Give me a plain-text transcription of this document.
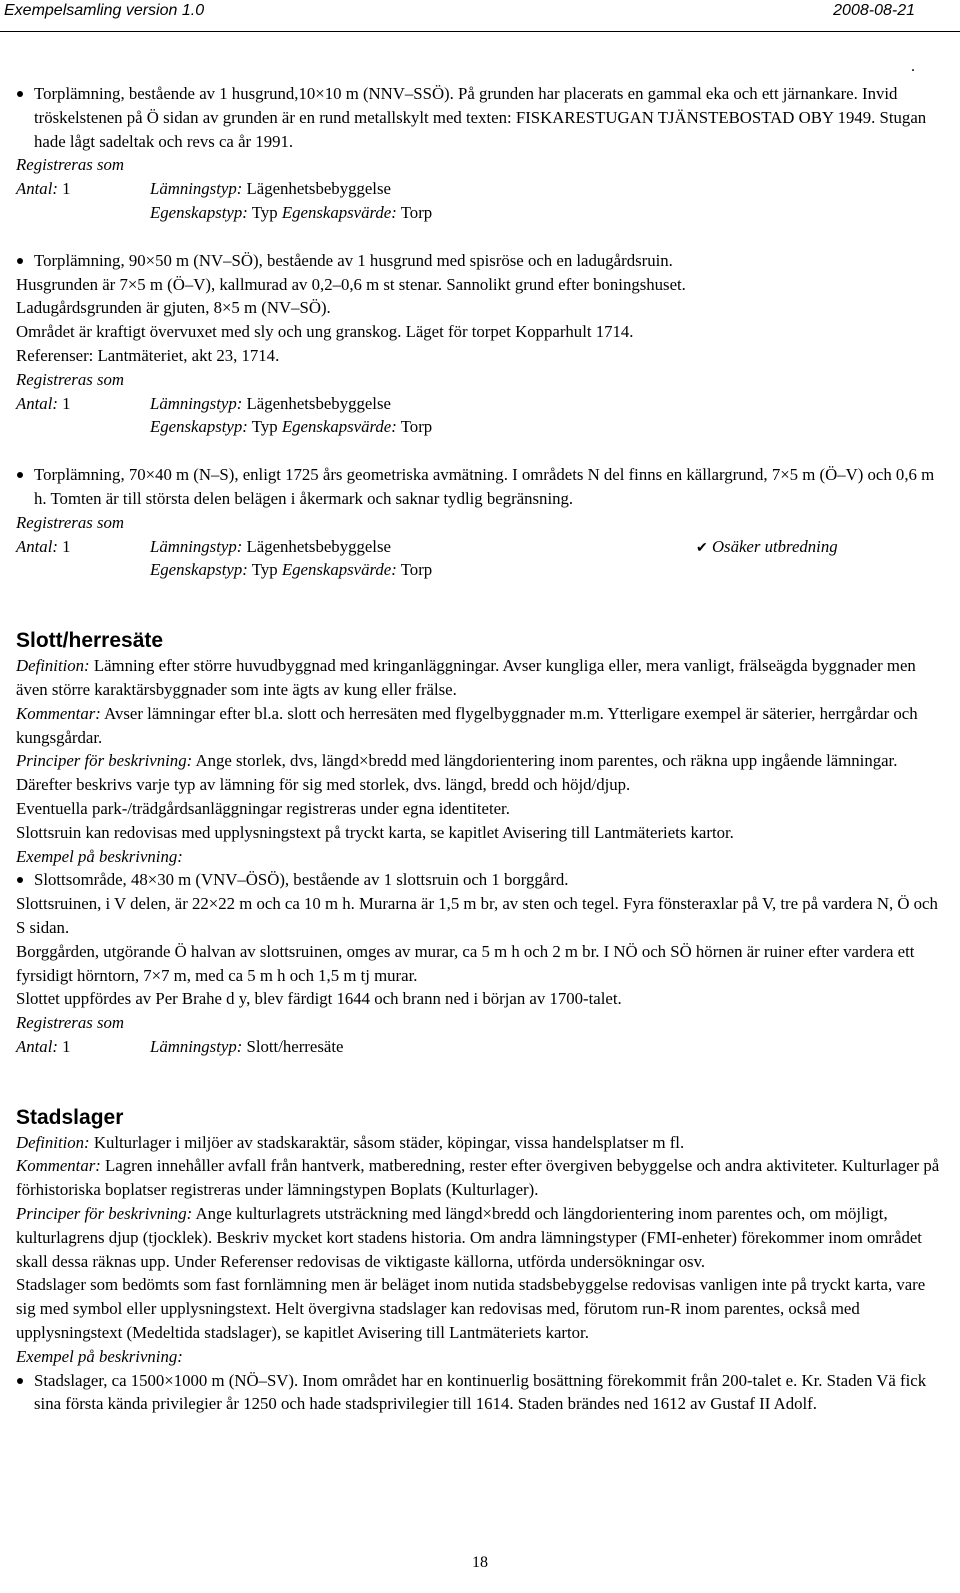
Exempelsamling version 1.0	2008-08-21
.

Torplämning, bestående av 1 husgrund,10×10 m (NNV–SSÖ). På grunden har placerats en gammal eka och ett järnankare. Invid tröskelstenen på Ö sidan av grunden är en rund metallskylt med texten: FISKARESTUGAN TJÄNSTEBOSTAD OBY 1949. Stugan hade lågt sadeltak och revs ca år 1991.

Registreras som

Antal: 1	Lämningstyp: Lägenhetsbebyggelse
Egenskapstyp: Typ Egenskapsvärde: Torp

Torplämning, 90×50 m (NV–SÖ), bestående av 1 husgrund med spisröse och en ladugårdsruin.

Husgrunden är 7×5 m (Ö–V), kallmurad av 0,2–0,6 m st stenar. Sannolikt grund efter boningshuset.

Ladugårdsgrunden är gjuten, 8×5 m (NV–SÖ).

Området är kraftigt övervuxet med sly och ung granskog. Läget för torpet Kopparhult 1714.

Referenser: Lantmäteriet, akt 23, 1714.

Registreras som

Antal: 1	Lämningstyp: Lägenhetsbebyggelse
Egenskapstyp: Typ Egenskapsvärde: Torp

Torplämning, 70×40 m (N–S), enligt 1725 års geometriska avmätning. I områdets N del finns en källargrund, 7×5 m (Ö–V) och 0,6 m h. Tomten är till största delen belägen i åkermark och saknar tydlig begränsning.

Registreras som

Antal: 1	Lämningstyp: Lägenhetsbebyggelse	✔ Osäker utbredning
Egenskapstyp: Typ Egenskapsvärde: Torp
Slott/herresäte

Definition: Lämning efter större huvudbyggnad med kringanläggningar. Avser kungliga eller, mera vanligt, frälseägda byggnader men även större karaktärsbyggnader som inte ägts av kung eller frälse.

Kommentar: Avser lämningar efter bl.a. slott och herresäten med flygelbyggnader m.m. Ytterligare exempel är säterier, herrgårdar och kungsgårdar.

Principer för beskrivning: Ange storlek, dvs, längd×bredd med längdorientering inom parentes, och räkna upp ingående lämningar. Därefter beskrivs varje typ av lämning för sig med storlek, dvs. längd, bredd och höjd/djup.

Eventuella park-/trädgårdsanläggningar registreras under egna identiteter.

Slottsruin kan redovisas med upplysningstext på tryckt karta, se kapitlet Avisering till Lantmäteriets kartor.

Exempel på beskrivning:

Slottsområde, 48×30 m (VNV–ÖSÖ), bestående av 1 slottsruin och 1 borggård.

Slottsruinen, i V delen, är 22×22 m och ca 10 m h. Murarna är 1,5 m br, av sten och tegel. Fyra fönsteraxlar på V, tre på vardera N, Ö och S sidan.

Borggården, utgörande Ö halvan av slottsruinen, omges av murar, ca 5 m h och 2 m br. I NÖ och SÖ hörnen är ruiner efter vardera ett fyrsidigt hörntorn, 7×7 m, med ca 5 m h och 1,5 m tj murar.

Slottet uppfördes av Per Brahe d y, blev färdigt 1644 och brann ned i början av 1700-talet.

Registreras som

Antal: 1	Lämningstyp: Slott/herresäte
Stadslager

Definition: Kulturlager i miljöer av stadskaraktär, såsom städer, köpingar, vissa handelsplatser m fl.

Kommentar: Lagren innehåller avfall från hantverk, matberedning, rester efter övergiven bebyggelse och andra aktiviteter. Kulturlager på förhistoriska boplatser registreras under lämningstypen Boplats (Kulturlager).

Principer för beskrivning: Ange kulturlagrets utsträckning med längd×bredd och längdorientering inom parentes och, om möjligt, kulturlagrens djup (tjocklek). Beskriv mycket kort stadens historia. Om andra lämningstyper (FMI-enheter) förekommer inom området skall dessa räknas upp. Under Referenser redovisas de viktigaste källorna, utförda undersökningar osv.

Stadslager som bedömts som fast fornlämning men är beläget inom nutida stadsbebyggelse redovisas vanligen inte på tryckt karta, vare sig med symbol eller upplysningstext. Helt övergivna stadslager kan redovisas med, förutom run-R inom parentes, också med upplysningstext (Medeltida stadslager), se kapitlet Avisering till Lantmäteriets kartor.

Exempel på beskrivning:

Stadslager, ca 1500×1000 m (NÖ–SV). Inom området har en kontinuerlig bosättning förekommit från 200-talet e. Kr. Staden Vä fick sina första kända privilegier år 1250 och hade stadsprivilegier till 1614. Staden brändes ned 1612 av Gustaf II Adolf.

18
